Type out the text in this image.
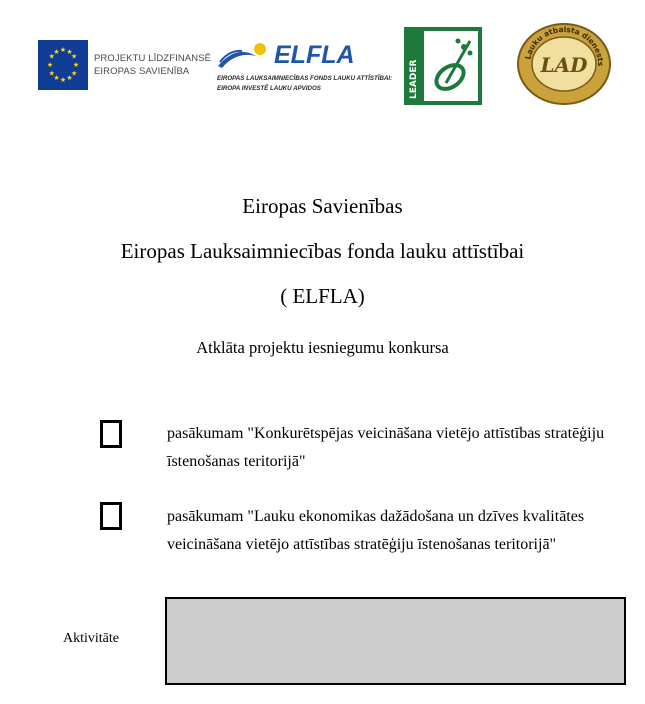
★ ★
★
★
★
★
★
★
★
★
★
★
PROJEKTU LĪDZFINANSĒ
EIROPAS SAVIENĪBA
ELFLA
EIROPAS LAUKSAIMNIECĪBAS FONDS LAUKU ATTĪSTĪBAI:
EIROPA INVESTĒ LAUKU APVIDOS	LEADER
Lauku atbalsta dienests
LAD
Eiropas Savienības
Eiropas Lauksaimniecības fonda lauku attīstībai
( ELFLA)
Atklāta projektu iesniegumu konkursa
pasākumam "Konkurētspējas veicināšana vietējo attīstības stratēģiju
īstenošanas teritorijā"
pasākumam "Lauku ekonomikas dažādošana un dzīves kvalitātes
veicināšana vietējo attīstības stratēģiju īstenošanas teritorijā"
Aktivitāte
